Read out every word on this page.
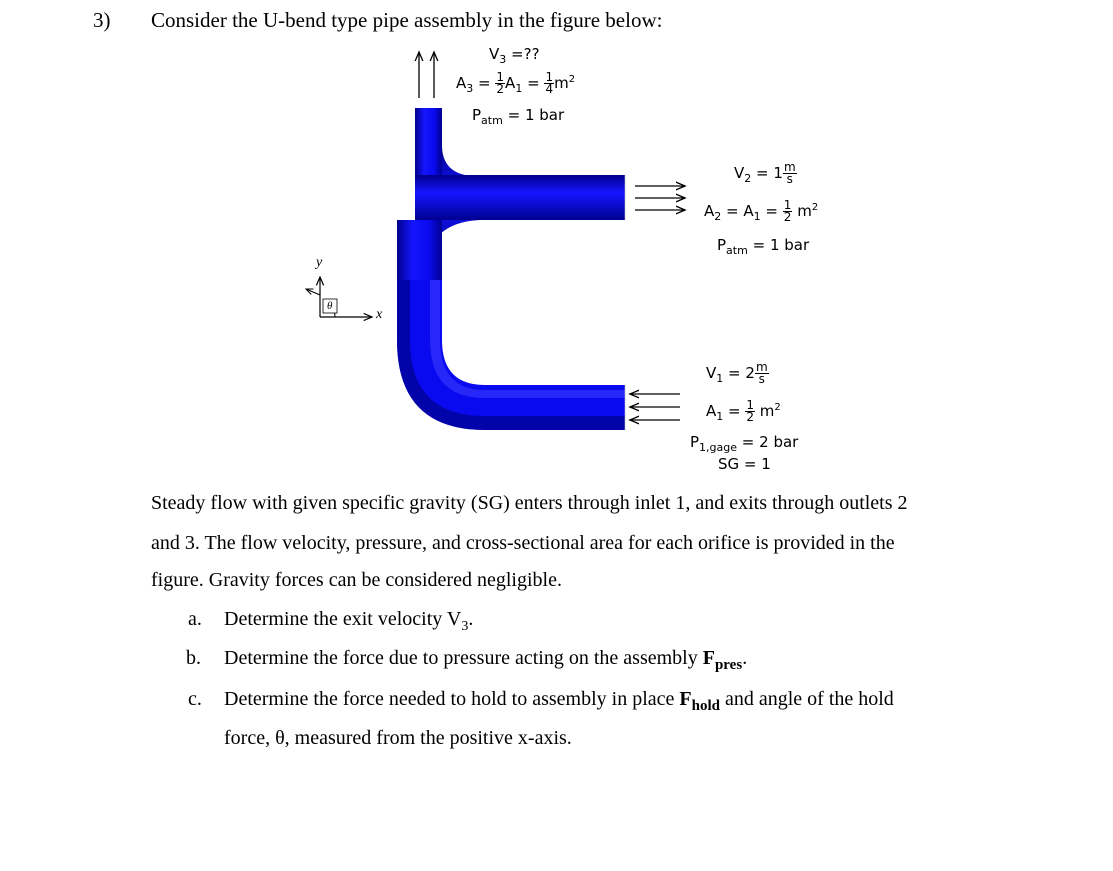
3) Consider the U-bend type pipe assembly in the figure below:
y
x
θ
$V_3$ =??
$A_3 = \frac{1}{2} A_1 = \frac{1}{4} m^2$
$P_{atm} = 1$ bar
$V_2 = 1 \frac{m}{s}$
$A_2 = A_1 = \frac{1}{2} m^2$
$P_{atm} = 1$ bar
$V_1 = 2 \frac{m}{s}$
$A_1 = \frac{1}{2} m^2$
$P_{1,gage} = 2$ bar
SG = 1
Steady flow with given specific gravity (SG) enters through inlet 1, and exits through outlets 2
and 3. The flow velocity, pressure, and cross-sectional area for each orifice is provided in the
figure. Gravity forces can be considered negligible.
a. Determine the exit velocity $V_3$.
b. Determine the force due to pressure acting on the assembly $F_{pres}$.
c. Determine the force needed to hold to assembly in place $F_{hold}$ and angle of the hold
force, θ, measured from the positive x-axis.
